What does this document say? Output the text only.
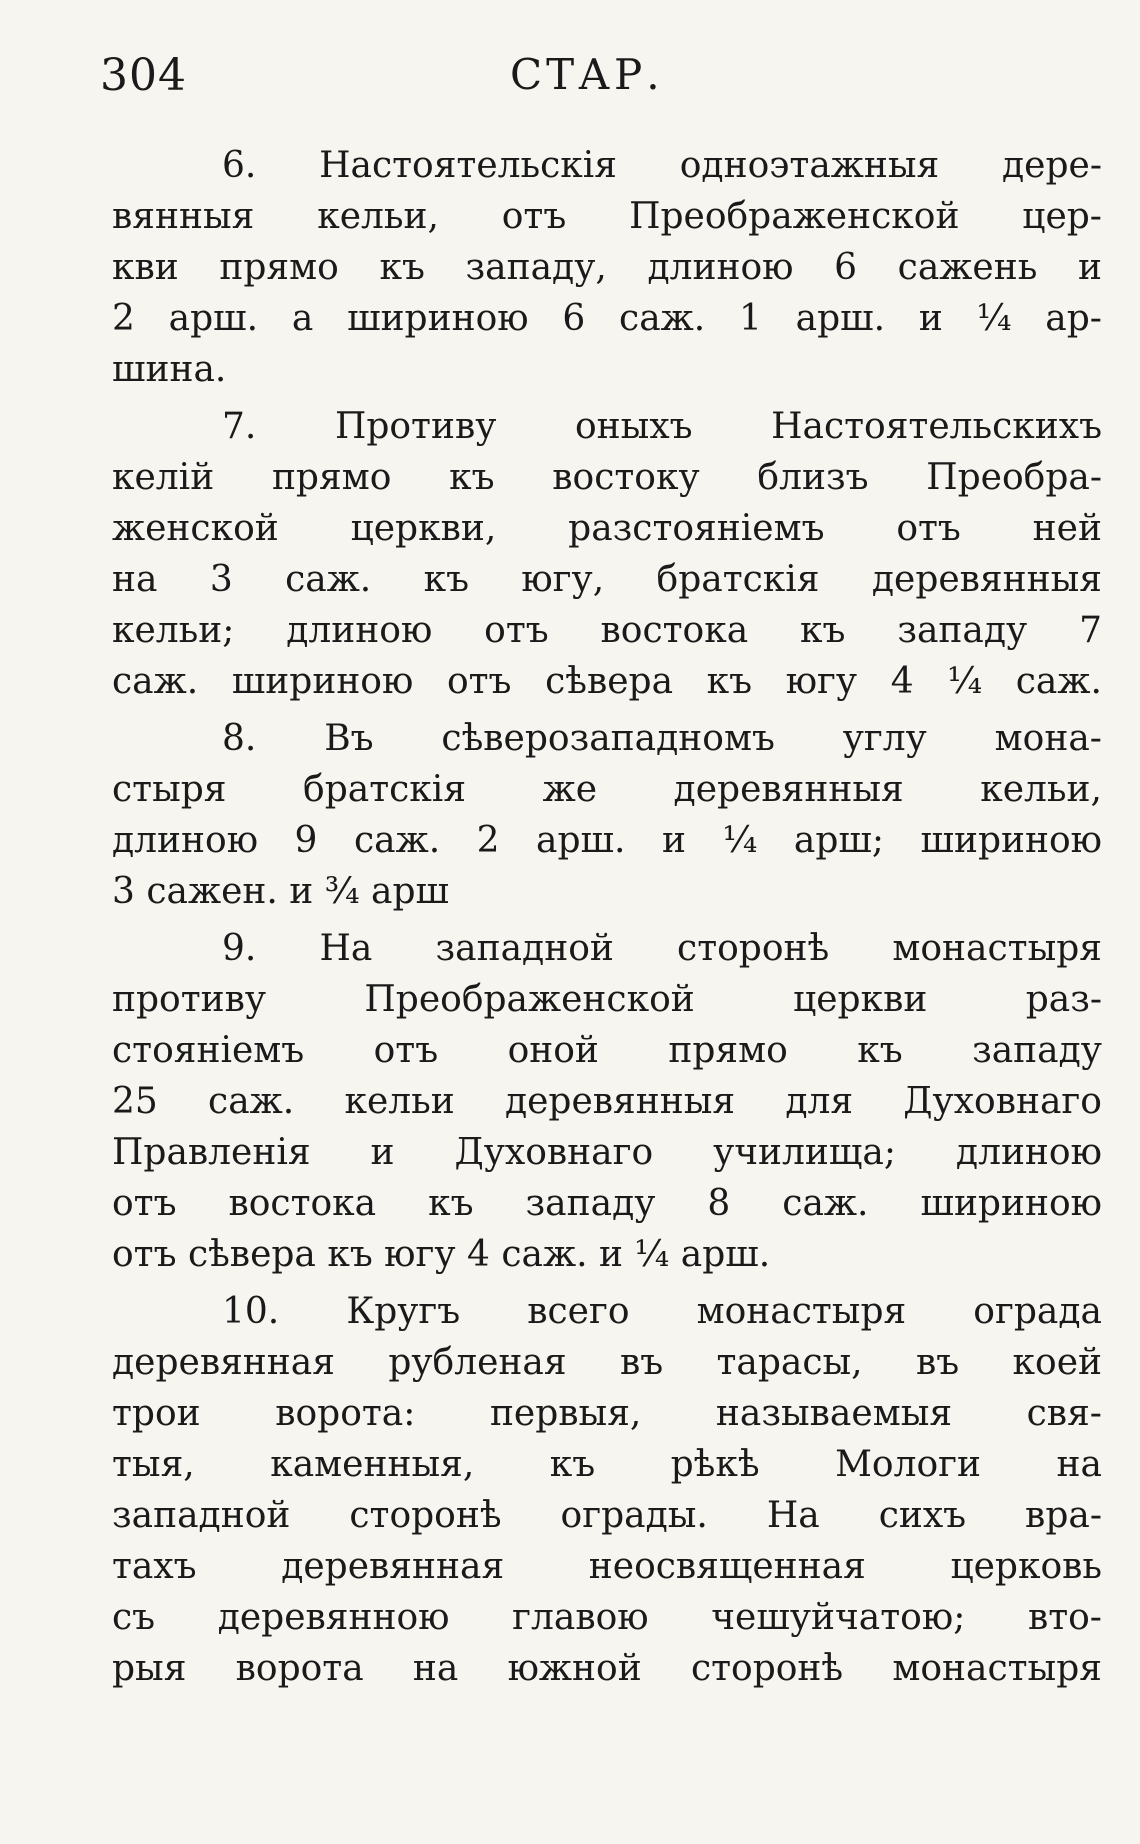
304	СТАР.
6. Настоятельскія одноэтажныя дере-
вянныя кельи, отъ Преображенской цер-
кви прямо къ западу, длиною 6 сажень и
2 арш. а шириною 6 саж. 1 арш. и ¼ ар-
шина.
7. Противу оныхъ Настоятельскихъ
келій прямо къ востоку близъ Преобра-
женской церкви, разстояніемъ отъ ней
на 3 саж. къ югу, братскія деревянныя
кельи; длиною отъ востока къ западу 7
саж. шириною отъ сѣвера къ югу 4 ¼ саж.
8. Въ сѣверозападномъ углу мона-
стыря братскія же деревянныя кельи,
длиною 9 саж. 2 арш. и ¼ арш; шириною
3 сажен. и ¾ арш
9. На западной сторонѣ монастыря
противу	Преображенской	церкви	раз-
стояніемъ отъ оной прямо къ западу
25 саж. кельи деревянныя для Духовнаго
Правленія и Духовнаго училища; длиною
отъ востока къ западу 8 саж. шириною
отъ сѣвера къ югу 4 саж. и ¼ арш.
10. Кругъ всего монастыря ограда
деревянная рубленая въ тарасы, въ коей
трои ворота: первыя, называемыя свя-
тыя, каменныя, къ рѣкѣ Мологи на
западной сторонѣ ограды. На сихъ вра-
тахъ деревянная неосвященная церковь
съ деревянною главою чешуйчатою; вто-
рыя ворота на южной сторонѣ монастыря
